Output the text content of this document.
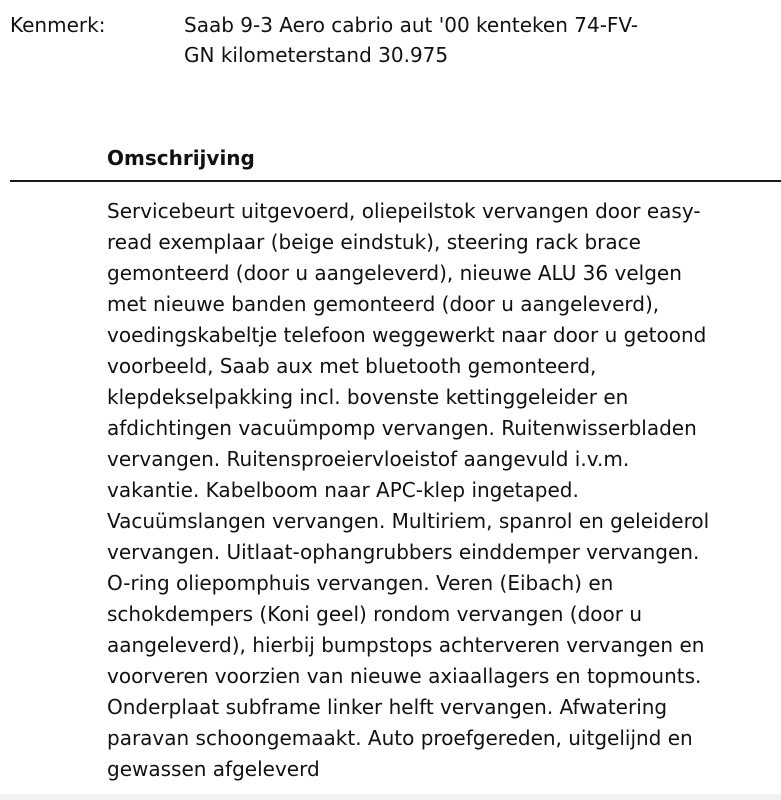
Kenmerk:	Saab 9-3 Aero cabrio aut '00 kenteken 74-FV-
GN kilometerstand 30.975
Omschrijving
Servicebeurt uitgevoerd, oliepeilstok vervangen door easy-
read exemplaar (beige eindstuk), steering rack brace
gemonteerd (door u aangeleverd), nieuwe ALU 36 velgen
met nieuwe banden gemonteerd (door u aangeleverd),
voedingskabeltje telefoon weggewerkt naar door u getoond
voorbeeld, Saab aux met bluetooth gemonteerd,
klepdekselpakking incl. bovenste kettinggeleider en
afdichtingen vacuümpomp vervangen. Ruitenwisserbladen
vervangen. Ruitensproeiervloeistof aangevuld i.v.m.
vakantie. Kabelboom naar APC-klep ingetaped.
Vacuümslangen vervangen. Multiriem, spanrol en geleiderol
vervangen. Uitlaat-ophangrubbers einddemper vervangen.
O-ring oliepomphuis vervangen. Veren (Eibach) en
schokdempers (Koni geel) rondom vervangen (door u
aangeleverd), hierbij bumpstops achterveren vervangen en
voorveren voorzien van nieuwe axiaallagers en topmounts.
Onderplaat subframe linker helft vervangen. Afwatering
paravan schoongemaakt. Auto proefgereden, uitgelijnd en
gewassen afgeleverd
